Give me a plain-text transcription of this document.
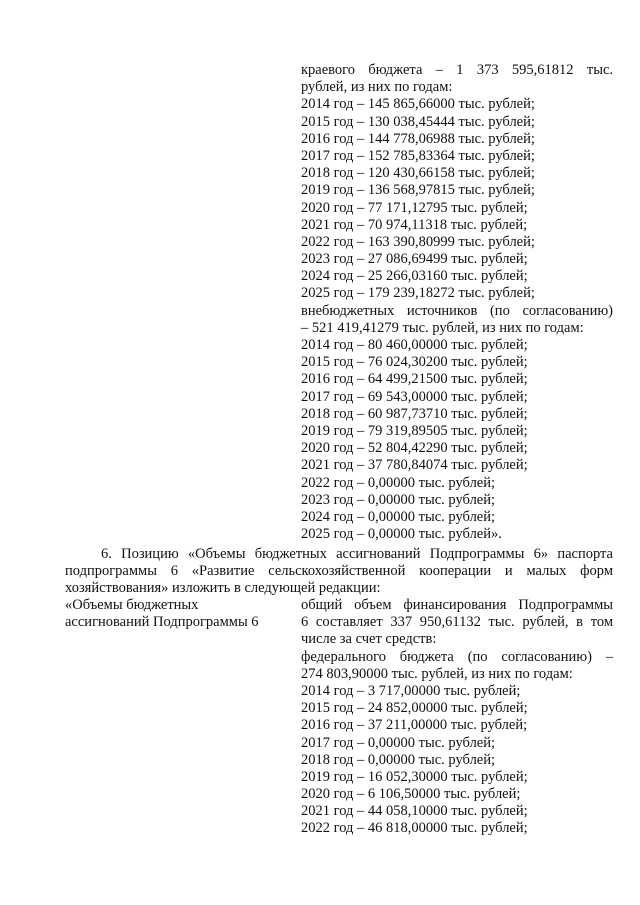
краевого бюджета – 1 373 595,61812 тыс.
рублей, из них по годам:
2014 год – 145 865,66000 тыс. рублей;
2015 год – 130 038,45444 тыс. рублей;
2016 год – 144 778,06988 тыс. рублей;
2017 год – 152 785,83364 тыс. рублей;
2018 год – 120 430,66158 тыс. рублей;
2019 год – 136 568,97815 тыс. рублей;
2020 год – 77 171,12795 тыс. рублей;
2021 год – 70 974,11318 тыс. рублей;
2022 год – 163 390,80999 тыс. рублей;
2023 год – 27 086,69499 тыс. рублей;
2024 год – 25 266,03160 тыс. рублей;
2025 год – 179 239,18272 тыс. рублей;
внебюджетных источников (по согласованию)
– 521 419,41279 тыс. рублей, из них по годам:
2014 год – 80 460,00000 тыс. рублей;
2015 год – 76 024,30200 тыс. рублей;
2016 год – 64 499,21500 тыс. рублей;
2017 год – 69 543,00000 тыс. рублей;
2018 год – 60 987,73710 тыс. рублей;
2019 год – 79 319,89505 тыс. рублей;
2020 год – 52 804,42290 тыс. рублей;
2021 год – 37 780,84074 тыс. рублей;
2022 год – 0,00000 тыс. рублей;
2023 год – 0,00000 тыс. рублей;
2024 год – 0,00000 тыс. рублей;
2025 год – 0,00000 тыс. рублей».
6. Позицию «Объемы бюджетных ассигнований Подпрограммы 6» паспорта
подпрограммы 6 «Развитие сельскохозяйственной кооперации и малых форм
хозяйствования» изложить в следующей редакции:
«Объемы бюджетных
ассигнований Подпрограммы 6
общий объем финансирования Подпрограммы
6 составляет 337 950,61132 тыс. рублей, в том
числе за счет средств:
федерального бюджета (по согласованию) –
274 803,90000 тыс. рублей, из них по годам:
2014 год – 3 717,00000 тыс. рублей;
2015 год – 24 852,00000 тыс. рублей;
2016 год – 37 211,00000 тыс. рублей;
2017 год – 0,00000 тыс. рублей;
2018 год – 0,00000 тыс. рублей;
2019 год – 16 052,30000 тыс. рублей;
2020 год – 6 106,50000 тыс. рублей;
2021 год – 44 058,10000 тыс. рублей;
2022 год – 46 818,00000 тыс. рублей;
